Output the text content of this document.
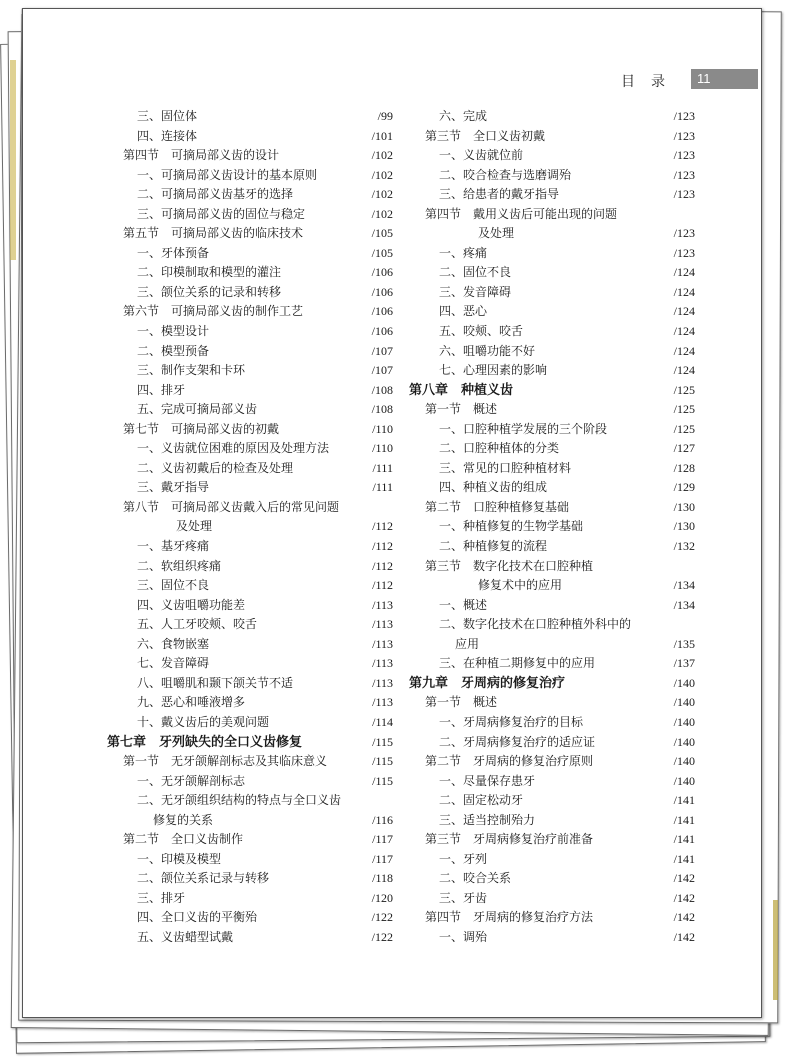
目录	11
三、固位体	/99
四、连接体	/101
第四节　可摘局部义齿的设计	/102
一、可摘局部义齿设计的基本原则	/102
二、可摘局部义齿基牙的选择	/102
三、可摘局部义齿的固位与稳定	/102
第五节　可摘局部义齿的临床技术	/105
一、牙体预备	/105
二、印模制取和模型的灌注	/106
三、颌位关系的记录和转移	/106
第六节　可摘局部义齿的制作工艺	/106
一、模型设计	/106
二、模型预备	/107
三、制作支架和卡环	/107
四、排牙	/108
五、完成可摘局部义齿	/108
第七节　可摘局部义齿的初戴	/110
一、义齿就位困难的原因及处理方法	/110
二、义齿初戴后的检查及处理	/111
三、戴牙指导	/111
第八节　可摘局部义齿戴入后的常见问题
及处理	/112
一、基牙疼痛	/112
二、软组织疼痛	/112
三、固位不良	/112
四、义齿咀嚼功能差	/113
五、人工牙咬颊、咬舌	/113
六、食物嵌塞	/113
七、发音障碍	/113
八、咀嚼肌和颞下颌关节不适	/113
九、恶心和唾液增多	/113
十、戴义齿后的美观问题	/114
第七章　牙列缺失的全口义齿修复	/115
第一节　无牙颌解剖标志及其临床意义	/115
一、无牙颌解剖标志	/115
二、无牙颌组织结构的特点与全口义齿
修复的关系	/116
第二节　全口义齿制作	/117
一、印模及模型	/117
二、颌位关系记录与转移	/118
三、排牙	/120
四、全口义齿的平衡殆	/122
五、义齿蜡型试戴	/122
六、完成	/123
第三节　全口义齿初戴	/123
一、义齿就位前	/123
二、咬合检查与选磨调殆	/123
三、给患者的戴牙指导	/123
第四节　戴用义齿后可能出现的问题
及处理	/123
一、疼痛	/123
二、固位不良	/124
三、发音障碍	/124
四、恶心	/124
五、咬颊、咬舌	/124
六、咀嚼功能不好	/124
七、心理因素的影响	/124
第八章　种植义齿	/125
第一节　概述	/125
一、口腔种植学发展的三个阶段	/125
二、口腔种植体的分类	/127
三、常见的口腔种植材料	/128
四、种植义齿的组成	/129
第二节　口腔种植修复基础	/130
一、种植修复的生物学基础	/130
二、种植修复的流程	/132
第三节　数字化技术在口腔种植
修复术中的应用	/134
一、概述	/134
二、数字化技术在口腔种植外科中的
应用	/135
三、在种植二期修复中的应用	/137
第九章　牙周病的修复治疗	/140
第一节　概述	/140
一、牙周病修复治疗的目标	/140
二、牙周病修复治疗的适应证	/140
第二节　牙周病的修复治疗原则	/140
一、尽量保存患牙	/140
二、固定松动牙	/141
三、适当控制殆力	/141
第三节　牙周病修复治疗前准备	/141
一、牙列	/141
二、咬合关系	/142
三、牙齿	/142
第四节　牙周病的修复治疗方法	/142
一、调殆	/142
